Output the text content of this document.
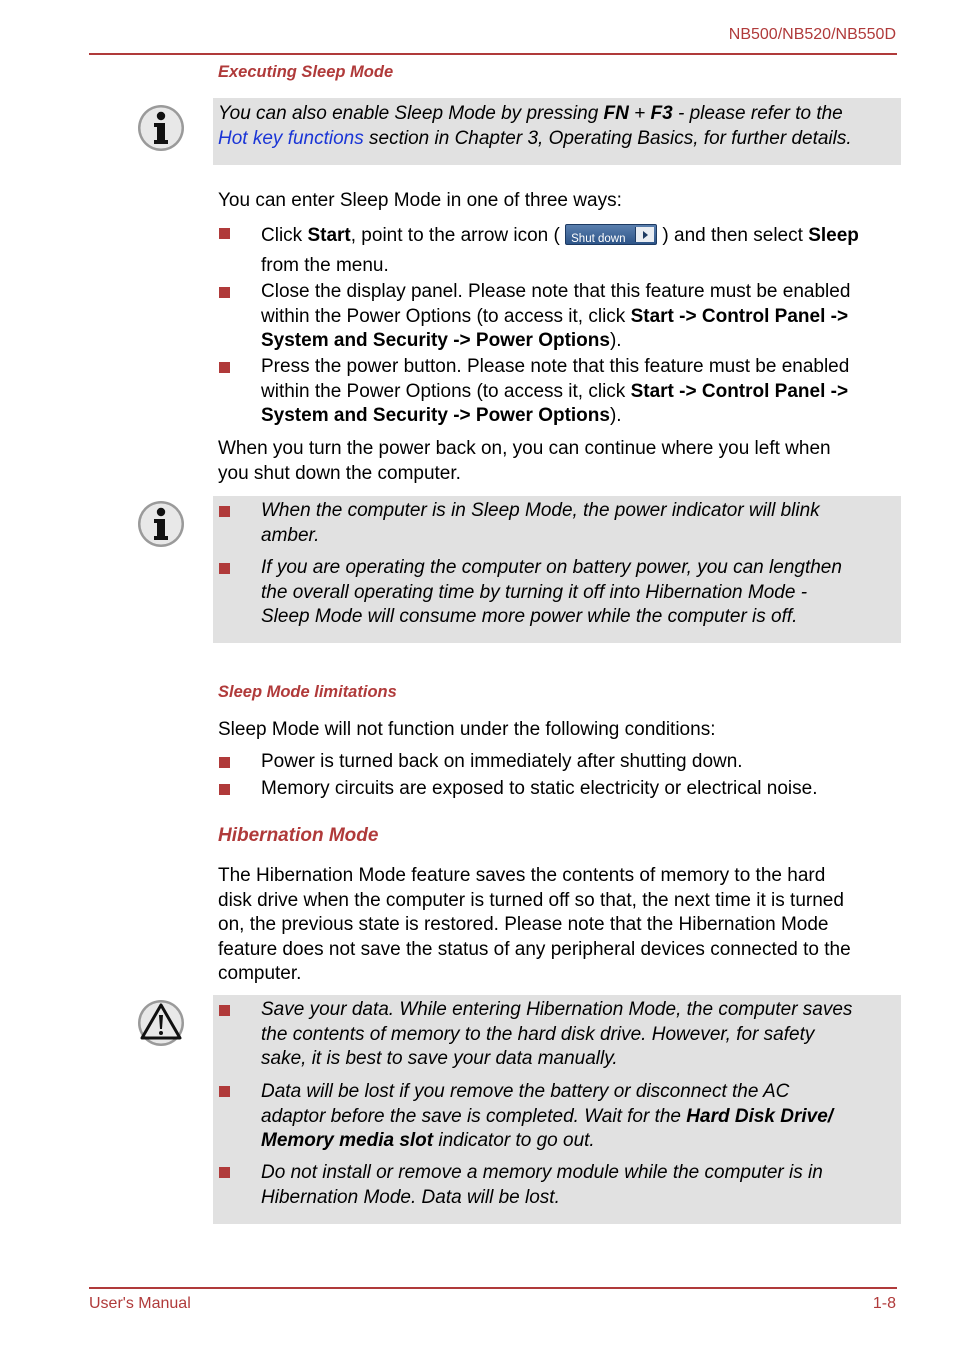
NB500/NB520/NB550D
Executing Sleep Mode
You can also enable Sleep Mode by pressing FN + F3 - please refer to the
Hot key functions section in Chapter 3, Operating Basics, for further details.
You can enter Sleep Mode in one of three ways:
Click Start, point to the arrow icon ( Shut down ) and then select Sleep
from the menu.
Close the display panel. Please note that this feature must be enabled
within the Power Options (to access it, click Start -> Control Panel ->
System and Security -> Power Options).
Press the power button. Please note that this feature must be enabled
within the Power Options (to access it, click Start -> Control Panel ->
System and Security -> Power Options).
When you turn the power back on, you can continue where you left when
you shut down the computer.
When the computer is in Sleep Mode, the power indicator will blink
amber.
If you are operating the computer on battery power, you can lengthen
the overall operating time by turning it off into Hibernation Mode -
Sleep Mode will consume more power while the computer is off.
Sleep Mode limitations
Sleep Mode will not function under the following conditions:
Power is turned back on immediately after shutting down.
Memory circuits are exposed to static electricity or electrical noise.
Hibernation Mode
The Hibernation Mode feature saves the contents of memory to the hard
disk drive when the computer is turned off so that, the next time it is turned
on, the previous state is restored. Please note that the Hibernation Mode
feature does not save the status of any peripheral devices connected to the
computer.
Save your data. While entering Hibernation Mode, the computer saves
the contents of memory to the hard disk drive. However, for safety
sake, it is best to save your data manually.
Data will be lost if you remove the battery or disconnect the AC
adaptor before the save is completed. Wait for the Hard Disk Drive/
Memory media slot indicator to go out.
Do not install or remove a memory module while the computer is in
Hibernation Mode. Data will be lost.
User's Manual	1-8
